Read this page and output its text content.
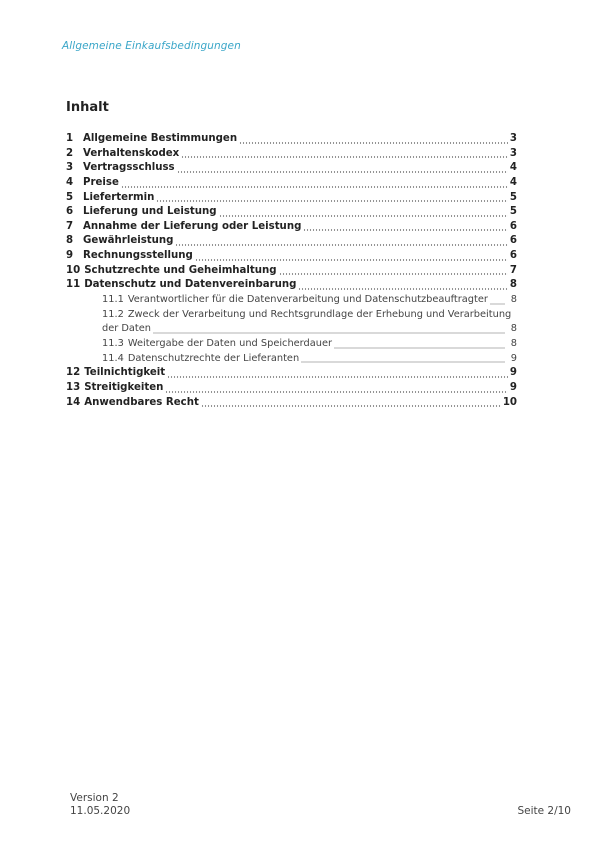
Allgemeine Einkaufsbedingungen
Inhalt
1 Allgemeine Bestimmungen	3
2 Verhaltenskodex	3
3 Vertragsschluss	4
4 Preise	4
5 Liefertermin	5
6 Lieferung und Leistung	5
7 Annahme der Lieferung oder Leistung	6
8 Gewährleistung	6
9 Rechnungsstellung	6
10 Schutzrechte und Geheimhaltung	7
11 Datenschutz und Datenvereinbarung	8
11.1 Verantwortlicher für die Datenverarbeitung und Datenschutzbeauftragter	8
11.2 Zweck der Verarbeitung und Rechtsgrundlage der Erhebung und Verarbeitung
der Daten	8
11.3 Weitergabe der Daten und Speicherdauer	8
11.4 Datenschutzrechte der Lieferanten	9
12 Teilnichtigkeit	9
13 Streitigkeiten	9
14 Anwendbares Recht	10
Version 2
11.05.2020	Seite 2/10
